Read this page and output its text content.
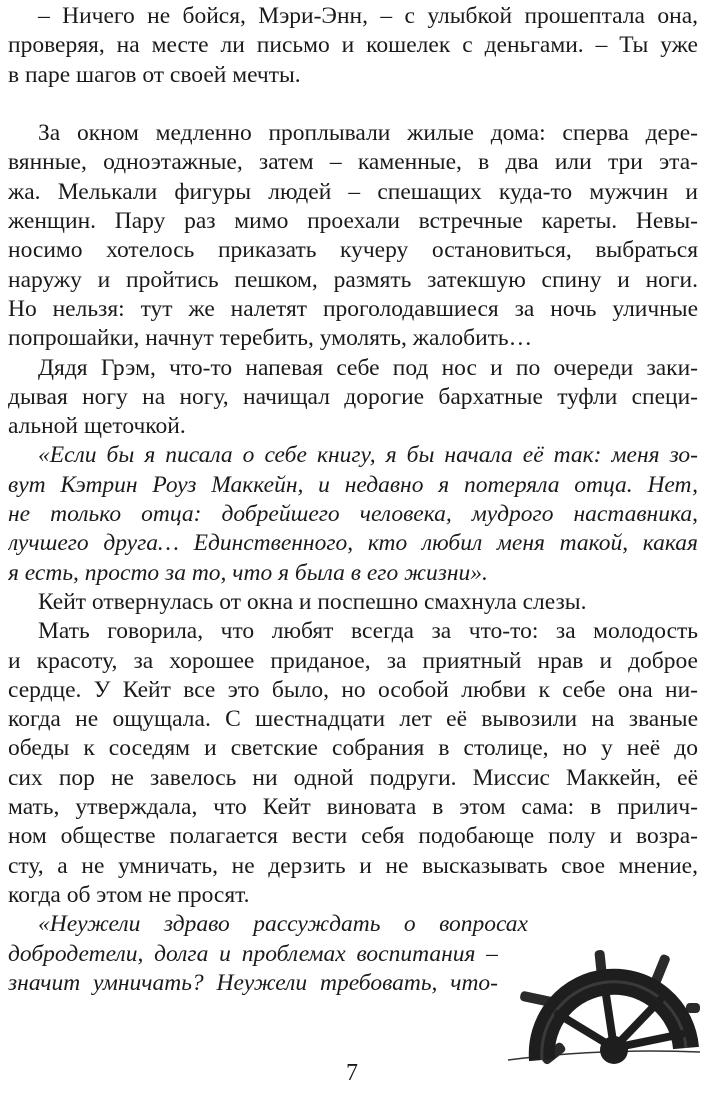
– Ничего не бойся, Мэри-Энн, – с улыбкой прошептала она,
проверяя, на месте ли письмо и кошелек с деньгами. – Ты уже
в паре шагов от своей мечты.
За окном медленно проплывали жилые дома: сперва дере-
вянные, одноэтажные, затем – каменные, в два или три эта-
жа. Мелькали фигуры людей – спешащих куда-то мужчин и
женщин. Пару раз мимо проехали встречные кареты. Невы-
носимо хотелось приказать кучеру остановиться, выбраться
наружу и пройтись пешком, размять затекшую спину и ноги.
Но нельзя: тут же налетят проголодавшиеся за ночь уличные
попрошайки, начнут теребить, умолять, жалобить…
Дядя Грэм, что-то напевая себе под нос и по очереди заки-
дывая ногу на ногу, начищал дорогие бархатные туфли специ-
альной щеточкой.
«Если бы я писала о себе книгу, я бы начала её так: меня зо-
вут Кэтрин Роуз Маккейн, и недавно я потеряла отца. Нет,
не только отца: добрейшего человека, мудрого наставника,
лучшего друга… Единственного, кто любил меня такой, какая
я есть, просто за то, что я была в его жизни».
Кейт отвернулась от окна и поспешно смахнула слезы.
Мать говорила, что любят всегда за что-то: за молодость
и красоту, за хорошее приданое, за приятный нрав и доброе
сердце. У Кейт все это было, но особой любви к себе она ни-
когда не ощущала. С шестнадцати лет её вывозили на званые
обеды к соседям и светские собрания в столице, но у неё до
сих пор не завелось ни одной подруги. Миссис Маккейн, её
мать, утверждала, что Кейт виновата в этом сама: в прилич-
ном обществе полагается вести себя подобающе полу и возра-
сту, а не умничать, не дерзить и не высказывать свое мнение,
когда об этом не просят.
«Неужели здраво рассуждать о вопросах
добродетели, долга и проблемах воспитания –
значит умничать? Неужели требовать, что-
7
